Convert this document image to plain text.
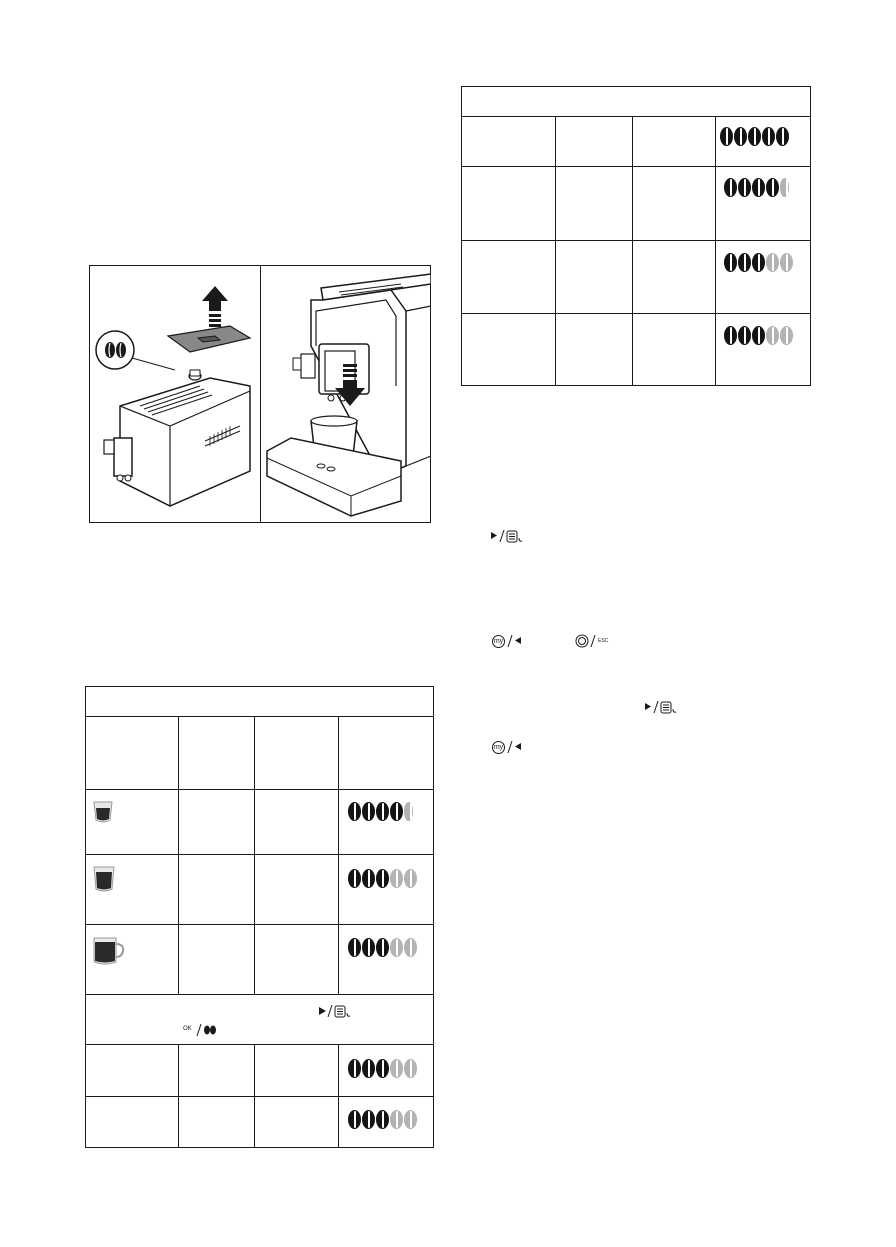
OK
my	ESC
my
